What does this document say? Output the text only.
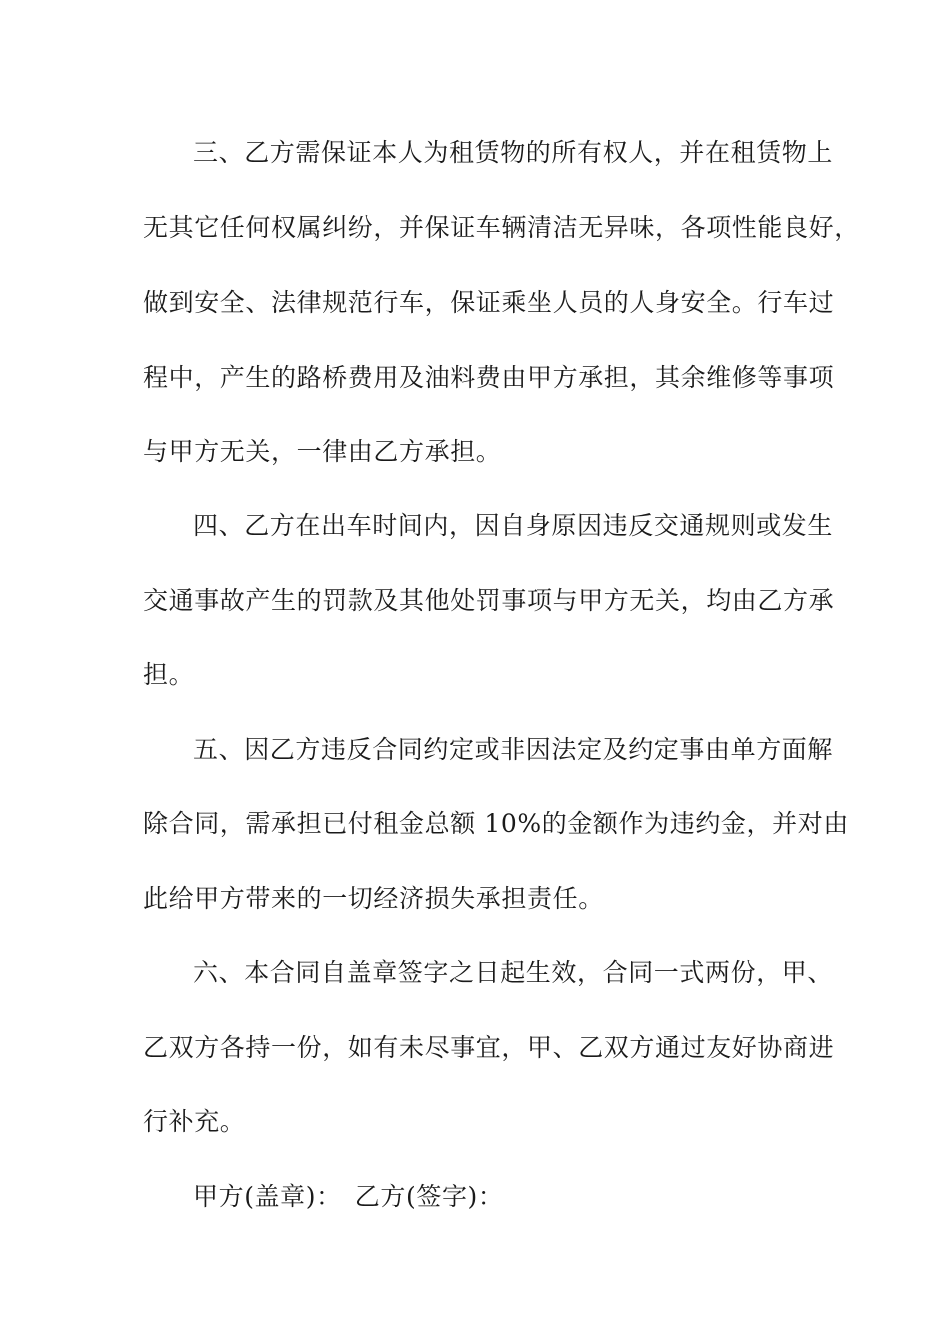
三、乙方需保证本人为租赁物的所有权人，并在租赁物上
无其它任何权属纠纷，并保证车辆清洁无异味，各项性能良好，
做到安全、法律规范行车，保证乘坐人员的人身安全。行车过
程中，产生的路桥费用及油料费由甲方承担，其余维修等事项
与甲方无关，一律由乙方承担。
四、乙方在出车时间内，因自身原因违反交通规则或发生
交通事故产生的罚款及其他处罚事项与甲方无关，均由乙方承
担。
五、因乙方违反合同约定或非因法定及约定事由单方面解
除合同，需承担已付租金总额 10%的金额作为违约金，并对由
此给甲方带来的一切经济损失承担责任。
六、本合同自盖章签字之日起生效，合同一式两份，甲、
乙双方各持一份，如有未尽事宜，甲、乙双方通过友好协商进
行补充。
甲方(盖章)：　乙方(签字)：
